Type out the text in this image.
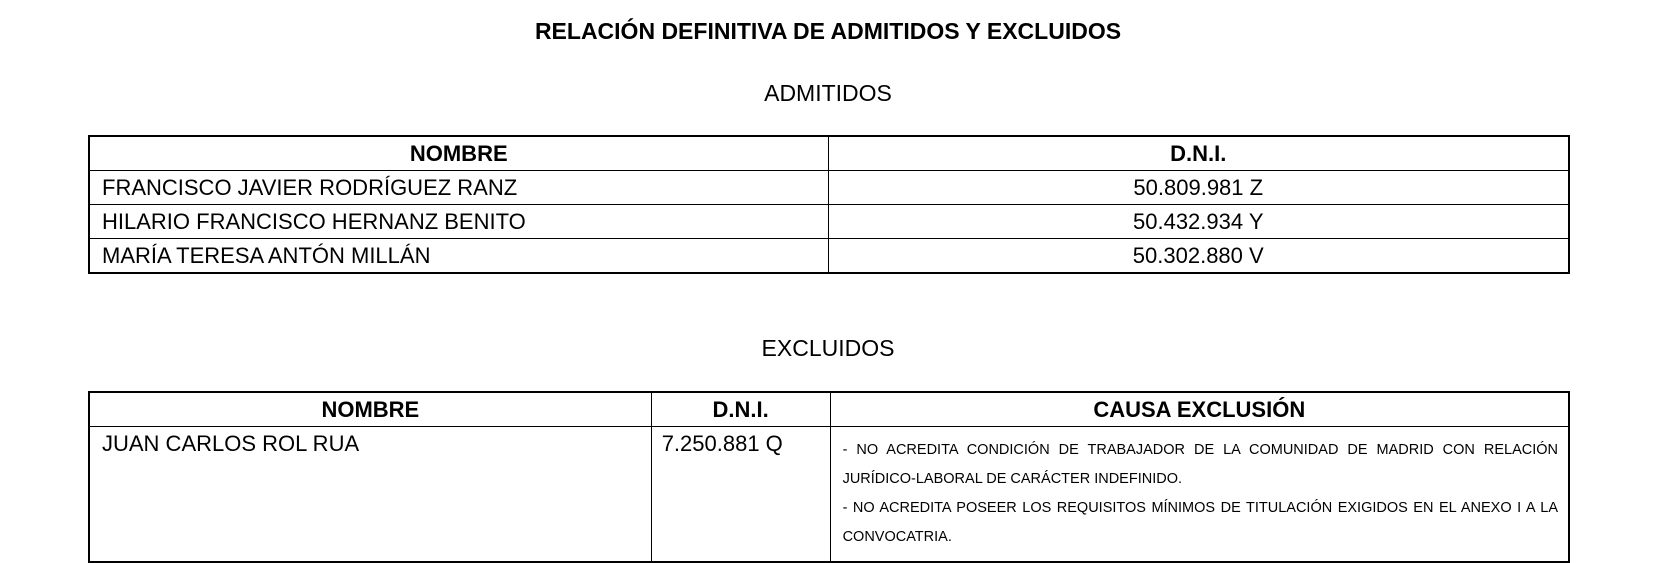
RELACIÓN DEFINITIVA DE ADMITIDOS Y EXCLUIDOS
ADMITIDOS
NOMBRE	D.N.I.
FRANCISCO JAVIER RODRÍGUEZ RANZ	50.809.981 Z
HILARIO FRANCISCO HERNANZ BENITO	50.432.934 Y
MARÍA TERESA ANTÓN MILLÁN	50.302.880 V
EXCLUIDOS
NOMBRE	D.N.I.	CAUSA EXCLUSIÓN
JUAN CARLOS ROL RUA	7.250.881 Q	- NO ACREDITA CONDICIÓN DE TRABAJADOR DE LA COMUNIDAD DE MADRID CON RELACIÓN JURÍDICO-LABORAL DE CARÁCTER INDEFINIDO.
- NO ACREDITA POSEER LOS REQUISITOS MÍNIMOS DE TITULACIÓN EXIGIDOS EN EL ANEXO I A LA CONVOCATRIA.
